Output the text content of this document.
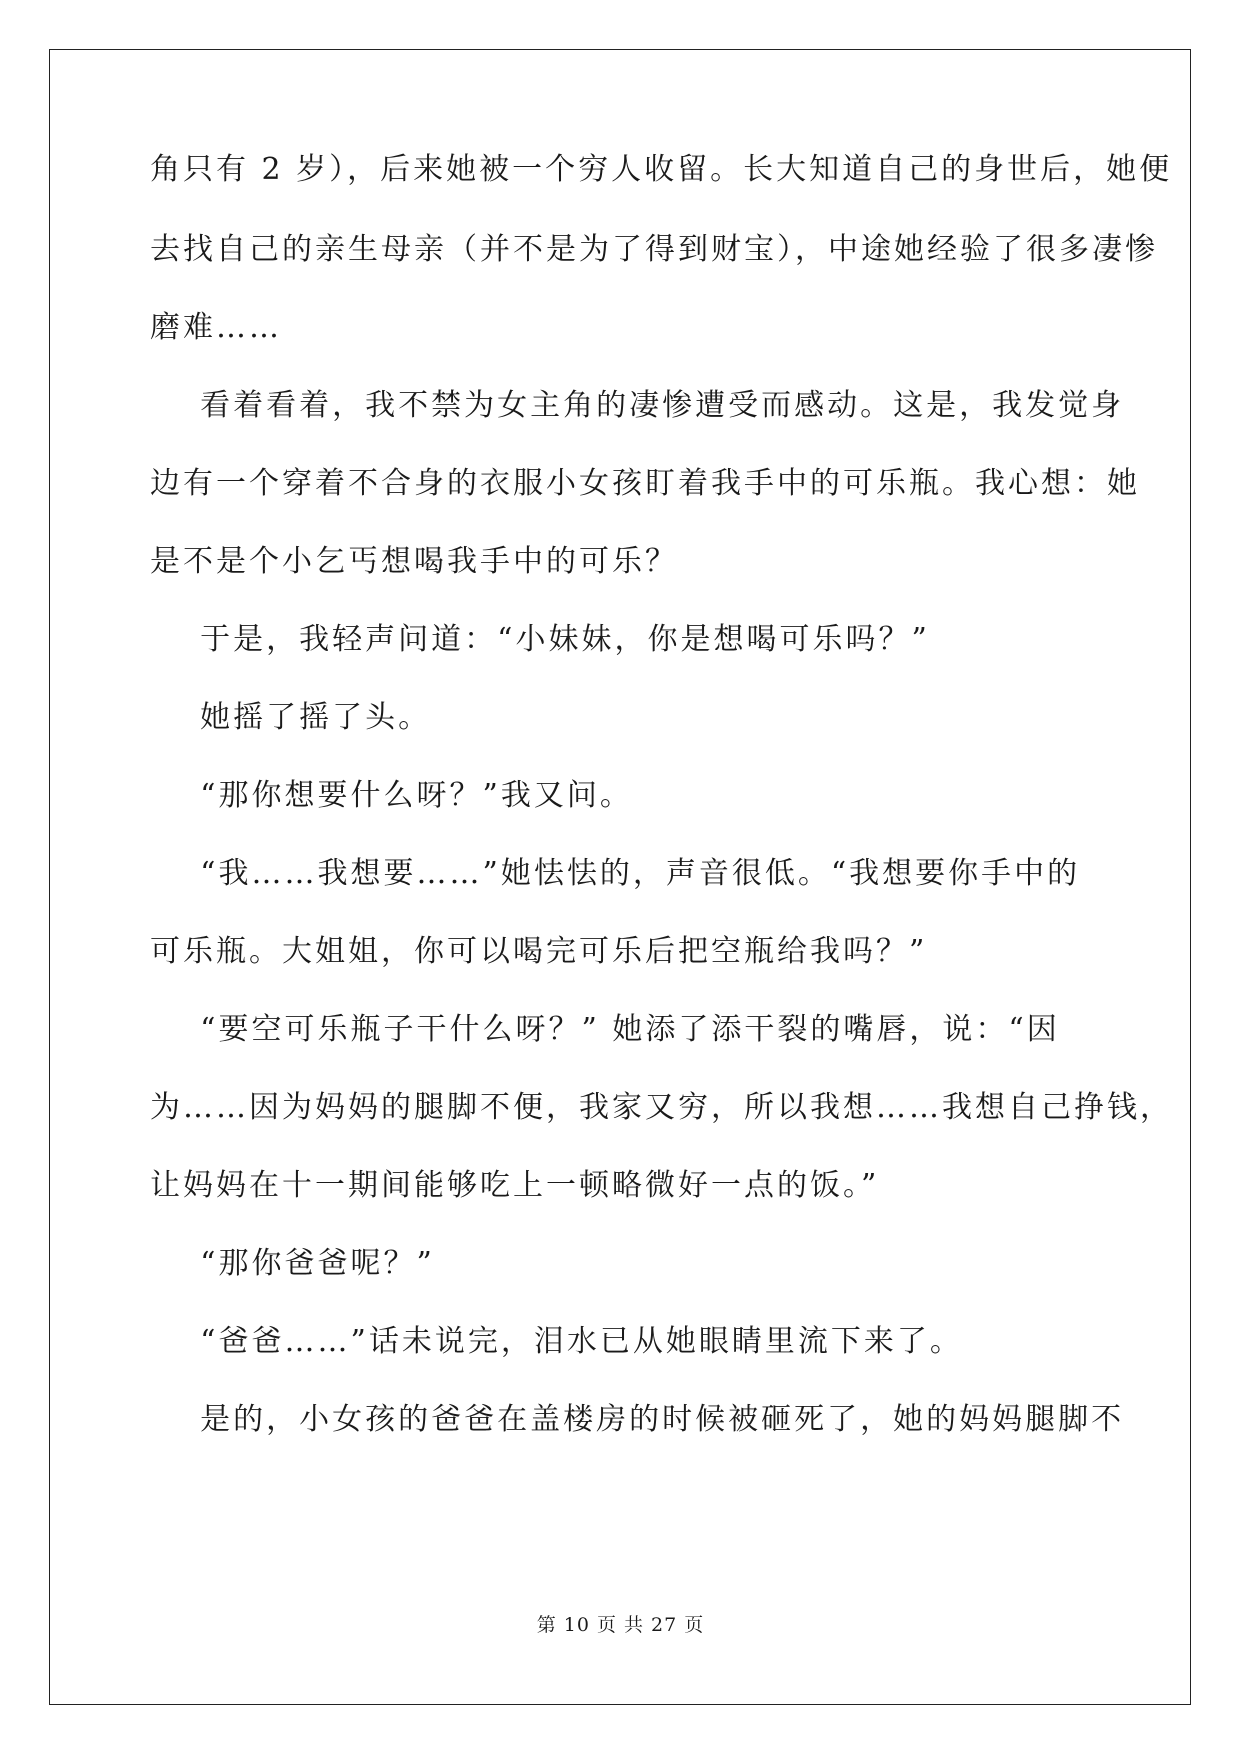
角只有 2 岁），后来她被一个穷人收留。长大知道自己的身世后，她便
去找自己的亲生母亲（并不是为了得到财宝），中途她经验了很多凄惨
磨难……
看着看着，我不禁为女主角的凄惨遭受而感动。这是，我发觉身
边有一个穿着不合身的衣服小女孩盯着我手中的可乐瓶。我心想：她
是不是个小乞丐想喝我手中的可乐？
于是，我轻声问道：“小妹妹，你是想喝可乐吗？”
她摇了摇了头。
“那你想要什么呀？”我又问。
“我……我想要……”她怯怯的，声音很低。“我想要你手中的
可乐瓶。大姐姐，你可以喝完可乐后把空瓶给我吗？”
“要空可乐瓶子干什么呀？” 她添了添干裂的嘴唇，说：“因
为……因为妈妈的腿脚不便，我家又穷，所以我想……我想自己挣钱，
让妈妈在十一期间能够吃上一顿略微好一点的饭。”
“那你爸爸呢？”
“爸爸……”话未说完，泪水已从她眼睛里流下来了。
是的，小女孩的爸爸在盖楼房的时候被砸死了，她的妈妈腿脚不
第 10 页 共 27 页
